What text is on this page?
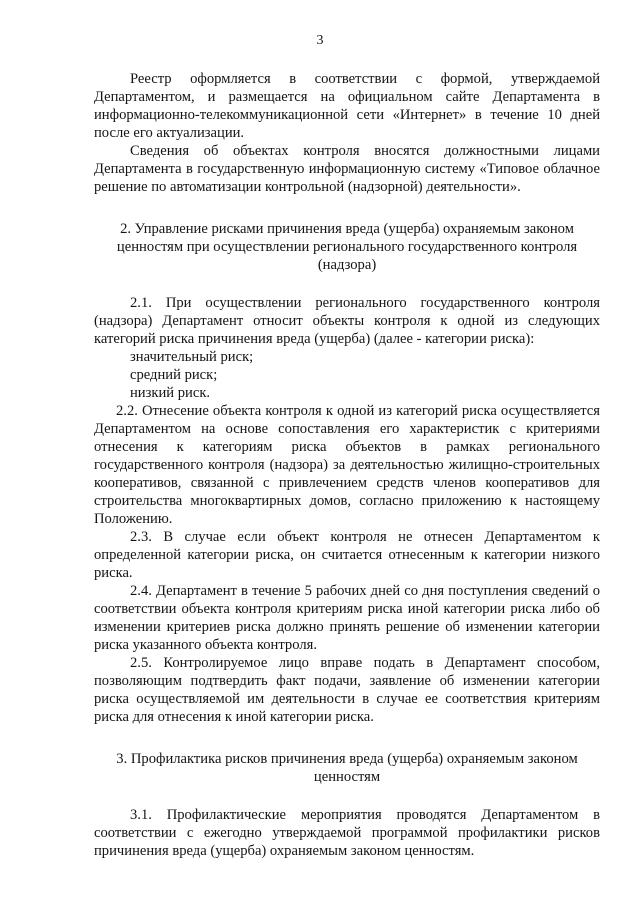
3

Реестр оформляется в соответствии с формой, утверждаемой Департаментом, и размещается на официальном сайте Департамента в информационно-телекоммуникационной сети «Интернет» в течение 10 дней после его актуализации.

Сведения об объектах контроля вносятся должностными лицами Департамента в государственную информационную систему «Типовое облачное решение по автоматизации контрольной (надзорной) деятельности».

2. Управление рисками причинения вреда (ущерба) охраняемым законом ценностям при осуществлении регионального государственного контроля (надзора)

2.1. При осуществлении регионального государственного контроля (надзора) Департамент относит объекты контроля к одной из следующих категорий риска причинения вреда (ущерба) (далее - категории риска):

значительный риск;

средний риск;

низкий риск.

2.2. Отнесение объекта контроля к одной из категорий риска осуществляется Департаментом на основе сопоставления его характеристик с критериями отнесения к категориям риска объектов в рамках регионального государственного контроля (надзора) за деятельностью жилищно-строительных кооперативов, связанной с привлечением средств членов кооперативов для строительства многоквартирных домов, согласно приложению к настоящему Положению.

2.3. В случае если объект контроля не отнесен Департаментом к определенной категории риска, он считается отнесенным к категории низкого риска.

2.4. Департамент в течение 5 рабочих дней со дня поступления сведений о соответствии объекта контроля критериям риска иной категории риска либо об изменении критериев риска должно принять решение об изменении категории риска указанного объекта контроля.

2.5. Контролируемое лицо вправе подать в Департамент способом, позволяющим подтвердить факт подачи, заявление об изменении категории риска осуществляемой им деятельности в случае ее соответствия критериям риска для отнесения к иной категории риска.

3. Профилактика рисков причинения вреда (ущерба) охраняемым законом ценностям

3.1. Профилактические мероприятия проводятся Департаментом в соответствии с ежегодно утверждаемой программой профилактики рисков причинения вреда (ущерба) охраняемым законом ценностям.
